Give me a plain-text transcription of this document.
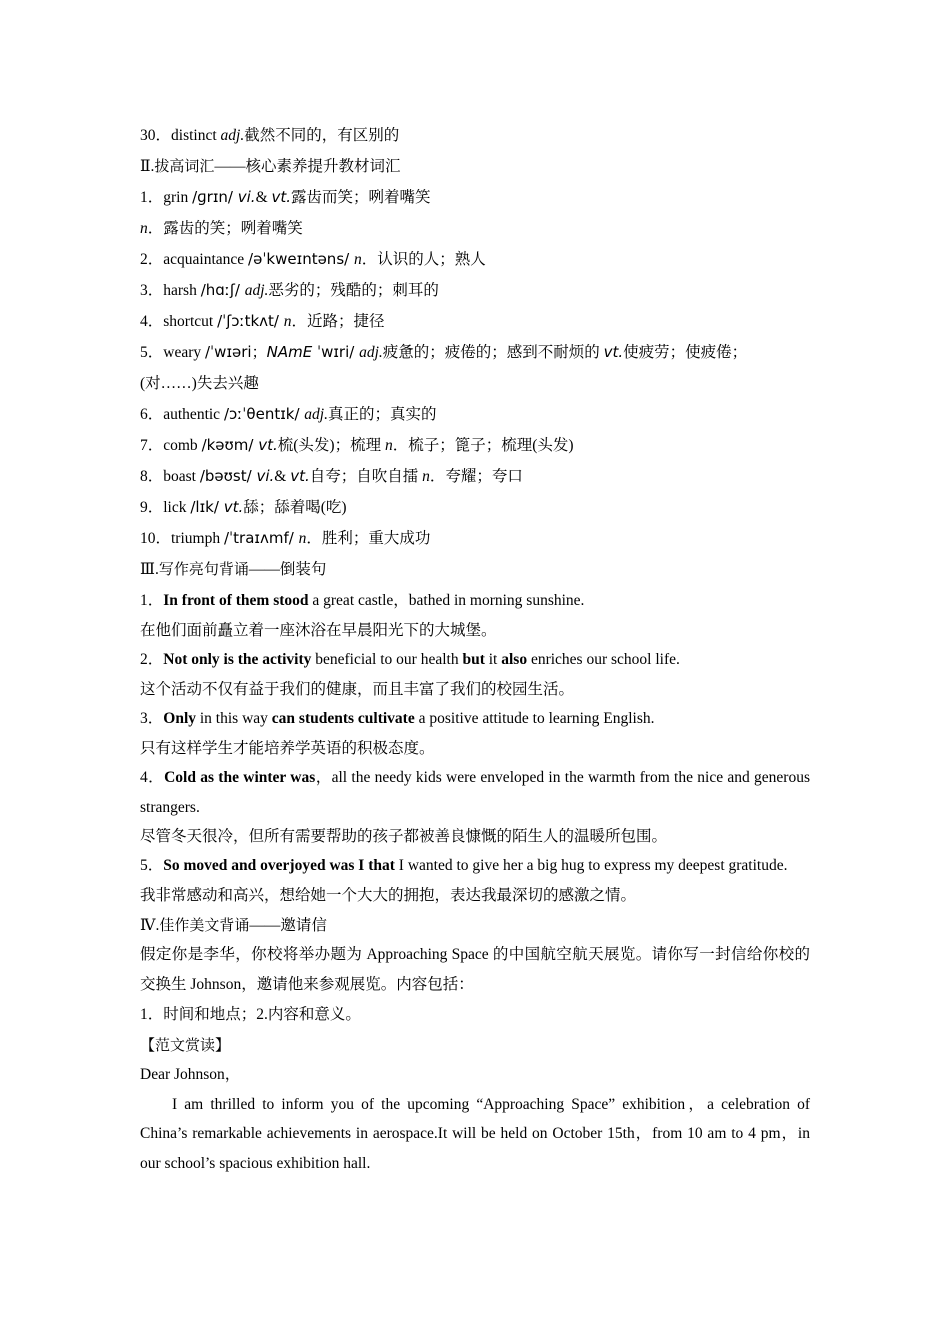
30．distinct adj.截然不同的，有区别的
Ⅱ.拔高词汇——核心素养提升教材词汇
1．grin /ɡrɪn/ vi.& vt.露齿而笑；咧着嘴笑
n．露齿的笑；咧着嘴笑
2．acquaintance /əˈkweɪntəns/ n．认识的人；熟人
3．harsh /hɑːʃ/ adj.恶劣的；残酷的；刺耳的
4．shortcut /ˈʃɔːtkʌt/ n．近路；捷径
5．weary /ˈwɪəri；NAmE ˈwɪri/ adj.疲惫的；疲倦的；感到不耐烦的 vt.使疲劳；使疲倦；
(对……)失去兴趣
6．authentic /ɔːˈθentɪk/ adj.真正的；真实的
7．comb /kəʊm/ vt.梳(头发)；梳理 n．梳子；篦子；梳理(头发)
8．boast /bəʊst/ vi.& vt.自夸；自吹自擂 n．夸耀；夸口
9．lick /lɪk/ vt.舔；舔着喝(吃)
10．triumph /ˈtraɪʌmf/ n．胜利；重大成功
Ⅲ.写作亮句背诵——倒装句
1．In front of them stood a great castle，bathed in morning sunshine.
在他们面前矗立着一座沐浴在早晨阳光下的大城堡。
2．Not only is the activity beneficial to our health but it also enriches our school life.
这个活动不仅有益于我们的健康，而且丰富了我们的校园生活。
3．Only in this way can students cultivate a positive attitude to learning English.
只有这样学生才能培养学英语的积极态度。
4．Cold as the winter was，all the needy kids were enveloped in the warmth from the nice and generous strangers.
尽管冬天很冷，但所有需要帮助的孩子都被善良慷慨的陌生人的温暖所包围。
5．So moved and overjoyed was I that I wanted to give her a big hug to express my deepest gratitude.
我非常感动和高兴，想给她一个大大的拥抱，表达我最深切的感激之情。
Ⅳ.佳作美文背诵——邀请信
假定你是李华，你校将举办题为 Approaching Space 的中国航空航天展览。请你写一封信给你校的交换生 Johnson，邀请他来参观展览。内容包括：
1．时间和地点；2.内容和意义。
【范文赏读】
Dear Johnson，
I am thrilled to inform you of the upcoming “Approaching Space” exhibition，a celebration of China’s remarkable achievements in aerospace.It will be held on October 15th，from 10 am to 4 pm，in our school’s spacious exhibition hall.
